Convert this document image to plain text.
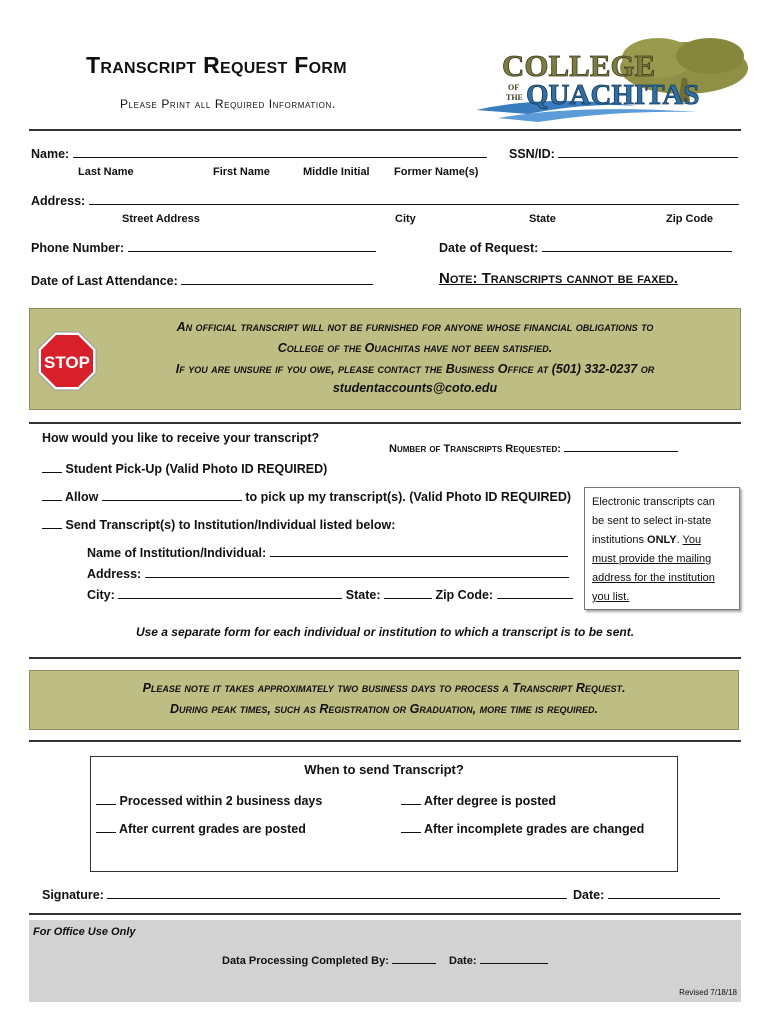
Transcript Request Form
Please Print all Required Information.
COLLEGE
OF
THE QUACHITAS
Name:	SSN/ID:
Last Name	First Name	Middle Initial Former Name(s)
Address:
Street Address	City	State	Zip Code
Phone Number:	Date of Request:
Date of Last Attendance:	Note: Transcripts cannot be faxed.
STOP
An official transcript will not be furnished for anyone whose financial obligations to
College of the Ouachitas have not been satisfied.
If you are unsure if you owe, please contact the Business Office at (501) 332-0237 or
studentaccounts@coto.edu
How would you like to receive your transcript?
Number of Transcripts Requested:
Student Pick-Up (Valid Photo ID REQUIRED)
Allow	to pick up my transcript(s). (Valid Photo ID REQUIRED)
Send Transcript(s) to Institution/Individual listed below:
Name of Institution/Individual:
Address:
City:	State:	Zip Code:
Electronic transcripts can
be sent to select in-state
institutions ONLY. You
must provide the mailing
address for the institution
you list.
Use a separate form for each individual or institution to which a transcript is to be sent.
Please note it takes approximately two business days to process a Transcript Request.
During peak times, such as Registration or Graduation, more time is required.
When to send Transcript?
Processed within 2 business days	After degree is posted
After current grades are posted	After incomplete grades are changed
Signature:	Date:
For Office Use Only
Data Processing Completed By:	Date:
Revised 7/18/18
